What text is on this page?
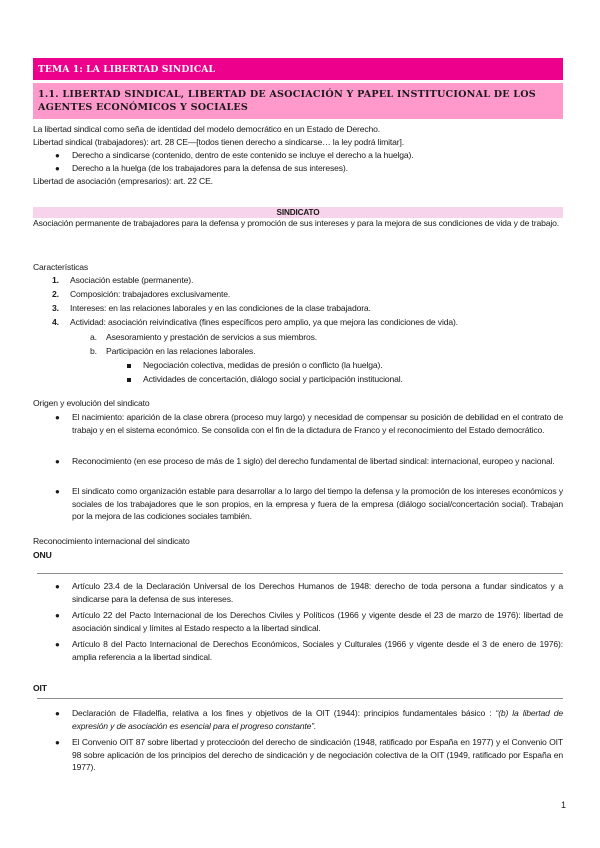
TEMA 1: LA LIBERTAD SINDICAL
1.1. LIBERTAD SINDICAL, LIBERTAD DE ASOCIACIÓN Y PAPEL INSTITUCIONAL DE LOS
AGENTES ECONÓMICOS Y SOCIALES
La libertad sindical como seña de identidad del modelo democrático en un Estado de Derecho.
Libertad sindical (trabajadores): art. 28 CE—[todos tienen derecho a sindicarse… la ley podrá limitar].
● Derecho a sindicarse (contenido, dentro de este contenido se incluye el derecho a la huelga).
● Derecho a la huelga (de los trabajadores para la defensa de sus intereses).
Libertad de asociación (empresarios): art. 22 CE.
SINDICATO
Asociación permanente de trabajadores para la defensa y promoción de sus intereses y para la mejora de sus condiciones de vida y de trabajo.
Características
1. Asociación estable (permanente).
2. Composición: trabajadores exclusivamente.
3. Intereses: en las relaciones laborales y en las condiciones de la clase trabajadora.
4. Actividad: asociación reivindicativa (fines específicos pero amplio, ya que mejora las condiciones de vida).
a. Asesoramiento y prestación de servicios a sus miembros.
b. Participación en las relaciones laborales.
Negociación colectiva, medidas de presión o conflicto (la huelga).
Actividades de concertación, diálogo social y participación institucional.
Origen y evolución del sindicato
● El nacimiento: aparición de la clase obrera (proceso muy largo) y necesidad de compensar su posición de debilidad en el contrato de trabajo y en el sistema económico. Se consolida con el fin de la dictadura de Franco y el reconocimiento del Estado democrático.
● Reconocimiento (en ese proceso de más de 1 siglo) del derecho fundamental de libertad sindical: internacional, europeo y nacional.
● El sindicato como organización estable para desarrollar a lo largo del tiempo la defensa y la promoción de los intereses económicos y sociales de los trabajadores que le son propios, en la empresa y fuera de la empresa (diálogo social/concertación social). Trabajan por la mejora de las codiciones sociales también.
Reconocimiento internacional del sindicato
ONU
● Artículo 23.4 de la Declaración Universal de los Derechos Humanos de 1948: derecho de toda persona a fundar sindicatos y a sindicarse para la defensa de sus intereses.
● Artículo 22 del Pacto Internacional de los Derechos Civiles y Políticos (1966 y vigente desde el 23 de marzo de 1976): libertad de asociación sindical y límites al Estado respecto a la libertad sindical.
● Artículo 8 del Pacto Internacional de Derechos Económicos, Sociales y Culturales (1966 y vigente desde el 3 de enero de 1976): amplia referencia a la libertad sindical.
OIT
● Declaración de Filadelfia, relativa a los fines y objetivos de la OIT (1944): principios fundamentales básico : “(b) la libertad de expresión y de asociación es esencial para el progreso constante”.
● El Convenio OIT 87 sobre libertad y proteccioón del derecho de sindicación (1948, ratificado por España en 1977) y el Convenio OIT 98 sobre aplicación de los principios del derecho de sindicación y de negociación colectiva de la OIT (1949, ratificado por España en 1977).
1
